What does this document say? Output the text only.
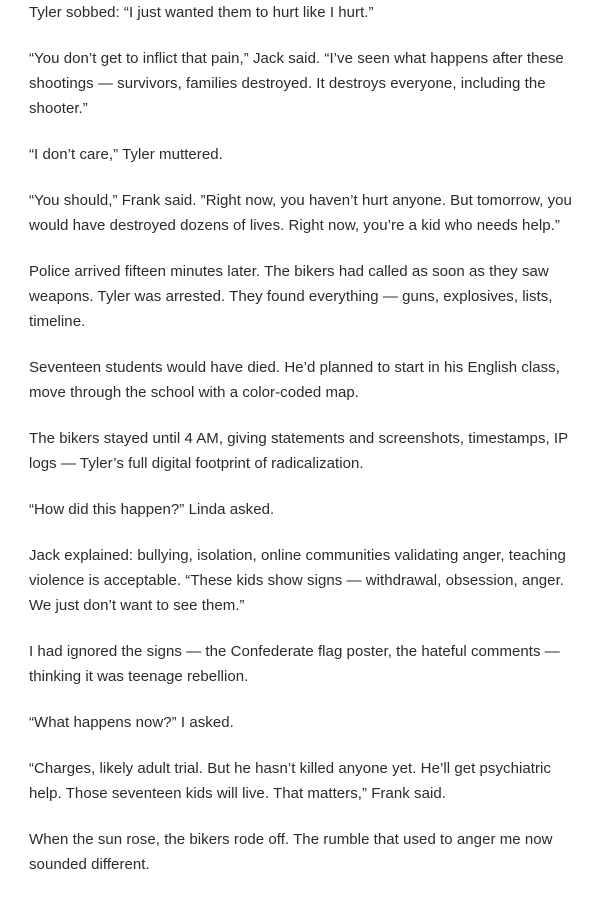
Tyler sobbed: “I just wanted them to hurt like I hurt.”

“You don’t get to inflict that pain,” Jack said. “I’ve seen what happens after these shootings — survivors, families destroyed. It destroys everyone, including the shooter.”

“I don’t care,” Tyler muttered.

“You should,” Frank said. ”Right now, you haven’t hurt anyone. But tomorrow, you would have destroyed dozens of lives. Right now, you’re a kid who needs help.”

Police arrived fifteen minutes later. The bikers had called as soon as they saw weapons. Tyler was arrested. They found everything — guns, explosives, lists, timeline.

Seventeen students would have died. He’d planned to start in his English class, move through the school with a color-coded map.

The bikers stayed until 4 AM, giving statements and screenshots, timestamps, IP logs — Tyler’s full digital footprint of radicalization.

“How did this happen?” Linda asked.

Jack explained: bullying, isolation, online communities validating anger, teaching violence is acceptable. “These kids show signs — withdrawal, obsession, anger. We just don’t want to see them.”

I had ignored the signs — the Confederate flag poster, the hateful comments — thinking it was teenage rebellion.

“What happens now?” I asked.

“Charges, likely adult trial. But he hasn’t killed anyone yet. He’ll get psychiatric help. Those seventeen kids will live. That matters,” Frank said.

When the sun rose, the bikers rode off. The rumble that used to anger me now sounded different.
